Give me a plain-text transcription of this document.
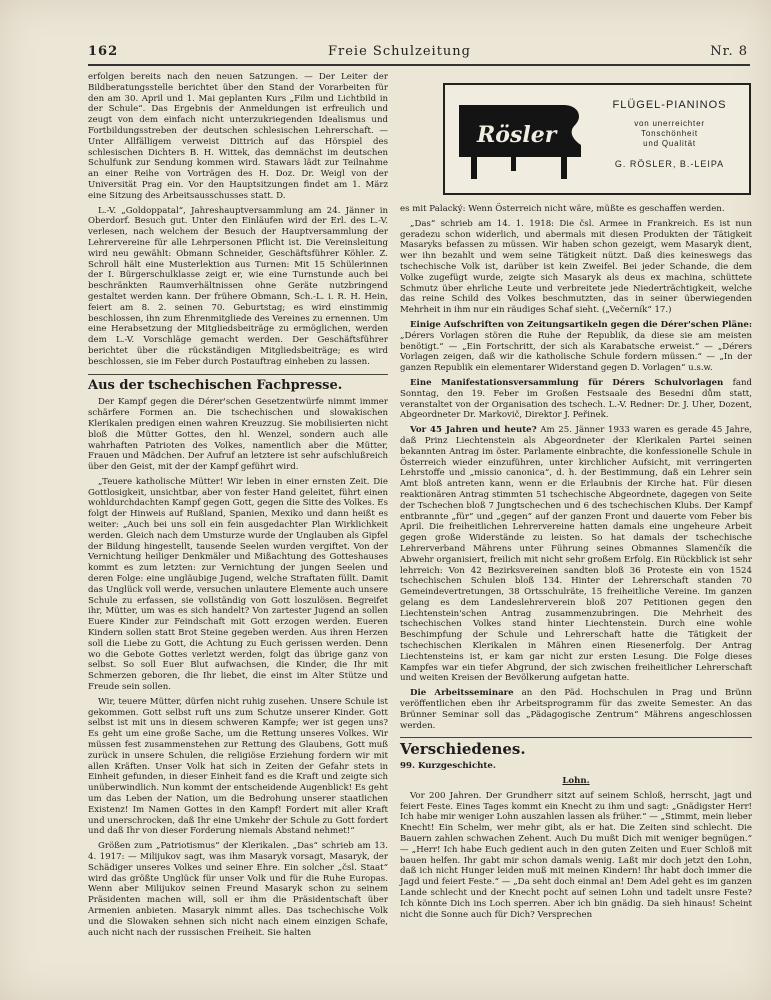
162	Freie Schulzeitung	Nr. 8

erfolgen bereits nach den neuen Satzungen. — Der Leiter der Bildberatungsstelle berichtet über den Stand der Vorarbeiten für den am 30. April und 1. Mai geplanten Kurs „Film und Lichtbild in der Schule“. Das Ergebnis der Anmeldungen ist erfreulich und zeugt von dem einfach nicht unterzukriegenden Idealismus und Fortbildungsstreben der deutschen schlesischen Lehrerschaft. — Unter Allfälligem verweist Dittrich auf das Hörspiel des schlesischen Dichters B. H. Wittek, das demnächst im deutschen Schulfunk zur Sendung kommen wird. Stawars lädt zur Teilnahme an einer Reihe von Vorträgen des H. Doz. Dr. Weigl von der Universität Prag ein. Vor den Hauptsitzungen findet am 1. März eine Sitzung des Arbeitsausschusses statt. D.

L.-V. „Goldoppatal“, Jahreshauptversammlung am 24. Jänner in Oberdorf. Besuch gut. Unter den Einläufen wird der Erl. des L.-V. verlesen, nach welchem der Besuch der Hauptversammlung der Lehrervereine für alle Lehrpersonen Pflicht ist. Die Vereinsleitung wird neu gewählt: Obmann Schneider, Geschäftsführer Köhler. Z. Schroll hält eine Musterlektion aus Turnen: Mit 15 Schülerinnen der I. Bürgerschulklasse zeigt er, wie eine Turnstunde auch bei beschränkten Raumverhältnissen ohne Geräte nutzbringend gestaltet werden kann. Der frühere Obmann, Sch.-L. i. R. H. Hein, feiert am 8. 2. seinen 70. Geburtstag; es wird einstimmig beschlossen, ihn zum Ehrenmitgliede des Vereines zu ernennen. Um eine Herabsetzung der Mitgliedsbeiträge zu ermöglichen, werden dem L.-V. Vorschläge gemacht werden. Der Geschäftsführer berichtet über die rückständigen Mitgliedsbeiträge; es wird beschlossen, sie im Feber durch Postauftrag einheben zu lassen.

Aus der tschechischen Fachpresse.

Der Kampf gegen die Dérer'schen Gesetzentwürfe nimmt immer schärfere Formen an. Die tschechischen und slowakischen Klerikalen predigen einen wahren Kreuzzug. Sie mobilisierten nicht bloß die Mütter Gottes, den hl. Wenzel, sondern auch alle wahrhaften Patrioten des Volkes, namentlich aber die Mütter, Frauen und Mädchen. Der Aufruf an letztere ist sehr aufschlußreich über den Geist, mit der der Kampf geführt wird.

„Teuere katholische Mütter! Wir leben in einer ernsten Zeit. Die Gottlosigkeit, unsichtbar, aber von fester Hand geleitet, führt einen wohldurchdachten Kampf gegen Gott, gegen die Sitte des Volkes. Es folgt der Hinweis auf Rußland, Spanien, Mexiko und dann heißt es weiter: „Auch bei uns soll ein fein ausgedachter Plan Wirklichkeit werden. Gleich nach dem Umsturze wurde der Unglauben als Gipfel der Bildung hingestellt, tausende Seelen wurden vergiftet. Von der Vernichtung heiliger Denkmäler und Mißachtung des Gotteshauses kommt es zum letzten: zur Vernichtung der jungen Seelen und deren Folge: eine ungläubige Jugend, welche Straftaten füllt. Damit das Unglück voll werde, versuchen unlautere Elemente auch unsere Schule zu erfassen, sie vollständig von Gott loszulösen. Begreifet ihr, Mütter, um was es sich handelt? Von zartester Jugend an sollen Euere Kinder zur Feindschaft mit Gott erzogen werden. Eueren Kindern sollen statt Brot Steine gegeben werden. Aus ihren Herzen soll die Liebe zu Gott, die Achtung zu Euch gerissen werden. Denn wo die Gebote Gottes verletzt werden, folgt das übrige ganz von selbst. So soll Euer Blut aufwachsen, die Kinder, die Ihr mit Schmerzen geboren, die Ihr liebet, die einst im Alter Stütze und Freude sein sollen.

Wir, teuere Mütter, dürfen nicht ruhig zusehen. Unsere Schule ist gekommen. Gott selbst ruft uns zum Schutze unserer Kinder. Gott selbst ist mit uns in diesem schweren Kampfe; wer ist gegen uns? Es geht um eine große Sache, um die Rettung unseres Volkes. Wir müssen fest zusammenstehen zur Rettung des Glaubens, Gott muß zurück in unsere Schulen, die religiöse Erziehung fordern wir mit allen Kräften. Unser Volk hat sich in Zeiten der Gefahr stets in Einheit gefunden, in dieser Einheit fand es die Kraft und zeigte sich unüberwindlich. Nun kommt der entscheidende Augenblick! Es geht um das Leben der Nation, um die Bedrohung unserer staatlichen Existenz! Im Namen Gottes in den Kampf! Fordert mit aller Kraft und unerschrocken, daß Ihr eine Umkehr der Schule zu Gott fordert und daß Ihr von dieser Forderung niemals Abstand nehmet!“

Größen zum „Patriotismus“ der Klerikalen. „Das“ schrieb am 13. 4. 1917: — Milijukov sagt, was ihm Masaryk vorsagt, Masaryk, der Schädiger unseres Volkes und seiner Ehre. Ein solcher „čsl. Staat“ wird das größte Unglück für unser Volk und für die Ruhe Europas. Wenn aber Milijukov seinen Freund Masaryk schon zu seinem Präsidenten machen will, soll er ihm die Präsidentschaft über Armenien anbieten. Masaryk nimmt alles. Das tschechische Volk und die Slowaken sehnen sich nicht nach einem einzigen Schafe, auch nicht nach der russischen Freiheit. Sie halten

Rösler
FLÜGEL-PIANINOS
von unerreichter
Tonschönheit
und Qualität
G. RÖSLER, B.-LEIPA

es mit Palacký: Wenn Österreich nicht wäre, müßte es geschaffen werden.

„Das“ schrieb am 14. 1. 1918: Die čsl. Armee in Frankreich. Es ist nun geradezu schon widerlich, und abermals mit diesen Produkten der Tätigkeit Masaryks befassen zu müssen. Wir haben schon gezeigt, wem Masaryk dient, wer ihn bezahlt und wem seine Tätigkeit nützt. Daß dies keineswegs das tschechische Volk ist, darüber ist kein Zweifel. Bei jeder Schande, die dem Volke zugefügt wurde, zeigte sich Masaryk als deus ex machina, schüttete Schmutz über ehrliche Leute und verbreitete jede Niederträchtigkeit, welche das reine Schild des Volkes beschmutzten, das in seiner überwiegenden Mehrheit in ihm nur ein räudiges Schaf sieht. („Večerník“ 17.)

Einige Aufschriften von Zeitungsartikeln gegen die Dérer'schen Pläne: „Dérers Vorlagen stören die Ruhe der Republik, da diese sie am meisten benötigt.“ — „Ein Fortschritt, der sich als Karabatsche erweist.“ — „Dérers Vorlagen zeigen, daß wir die katholische Schule fordern müssen.“ — „In der ganzen Republik ein elementarer Widerstand gegen D. Vorlagen“ u.s.w.

Eine Manifestationsversammlung für Dérers Schulvorlagen fand Sonntag, den 19. Feber im Großen Festsaale des Besedni dům statt, veranstaltet von der Organisation des tschech. L.-V. Redner: Dr. J. Uher, Dozent, Abgeordneter Dr. Markovič, Direktor J. Peřinek.

Vor 45 Jahren und heute? Am 25. Jänner 1933 waren es gerade 45 Jahre, daß Prinz Liechtenstein als Abgeordneter der Klerikalen Partei seinen bekannten Antrag im öster. Parlamente einbrachte, die konfessionelle Schule in Österreich wieder einzuführen, unter kirchlicher Aufsicht, mit verringerten Lehrstoffe und „missio canonica“, d. h. der Bestimmung, daß ein Lehrer sein Amt bloß antreten kann, wenn er die Erlaubnis der Kirche hat. Für diesen reaktionären Antrag stimmten 51 tschechische Abgeordnete, dagegen von Seite der Tschechen bloß 7 Jungtschechen und 6 des tschechischen Klubs. Der Kampf entbrannte „für“ und „gegen“ auf der ganzen Front und dauerte vom Feber bis April. Die freiheitlichen Lehrervereine hatten damals eine ungeheure Arbeit gegen große Widerstände zu leisten. So hat damals der tschechische Lehrerverband Mährens unter Führung seines Obmannes Slamenčík die Abwehr organisiert, freilich mit nicht sehr großem Erfolg. Ein Rückblick ist sehr lehrreich: Von 42 Bezirksvereinen sandten bloß 36 Proteste ein von 1524 tschechischen Schulen bloß 134. Hinter der Lehrerschaft standen 70 Gemeindevertretungen, 38 Ortsschulräte, 15 freiheitliche Vereine. Im ganzen gelang es dem Landeslehrerverein bloß 207 Petitionen gegen den Liechtenstein'schen Antrag zusammenzubringen. Die Mehrheit des tschechischen Volkes stand hinter Liechtenstein. Durch eine wohle Beschimpfung der Schule und Lehrerschaft hatte die Tätigkeit der tschechischen Klerikalen in Mähren einen Riesenerfolg. Der Antrag Liechtensteins ist, er kam gar nicht zur ersten Lesung. Die Folge dieses Kampfes war ein tiefer Abgrund, der sich zwischen freiheitlicher Lehrerschaft und weiten Kreisen der Bevölkerung aufgetan hatte.

Die Arbeitsseminare an den Päd. Hochschulen in Prag und Brünn veröffentlichen eben ihr Arbeitsprogramm für das zweite Semester. An das Brünner Seminar soll das „Pädagogische Zentrum“ Mährens angeschlossen werden.

Verschiedenes.
99. Kurzgeschichte.
Lohn.

Vor 200 Jahren. Der Grundherr sitzt auf seinem Schloß, herrscht, jagt und feiert Feste. Eines Tages kommt ein Knecht zu ihm und sagt: „Gnädigster Herr! Ich habe mir weniger Lohn auszahlen lassen als früher.“ — „Stimmt, mein lieber Knecht! Ein Schelm, wer mehr gibt, als er hat. Die Zeiten sind schlecht. Die Bauern zahlen schwachen Zehent. Auch Du mußt Dich mit weniger begnügen.“ — „Herr! Ich habe Euch gedient auch in den guten Zeiten und Euer Schloß mit bauen helfen. Ihr gabt mir schon damals wenig. Laßt mir doch jetzt den Lohn, daß ich nicht Hunger leiden muß mit meinen Kindern! Ihr habt doch immer die Jagd und feiert Feste.“ — „Da seht doch einmal an! Dem Adel geht es im ganzen Lande schlecht und der Knecht pocht auf seinen Lohn und tadelt unsre Feste? Ich könnte Dich ins Loch sperren. Aber ich bin gnädig. Da sieh hinaus! Scheint nicht die Sonne auch für Dich? Versprechen
